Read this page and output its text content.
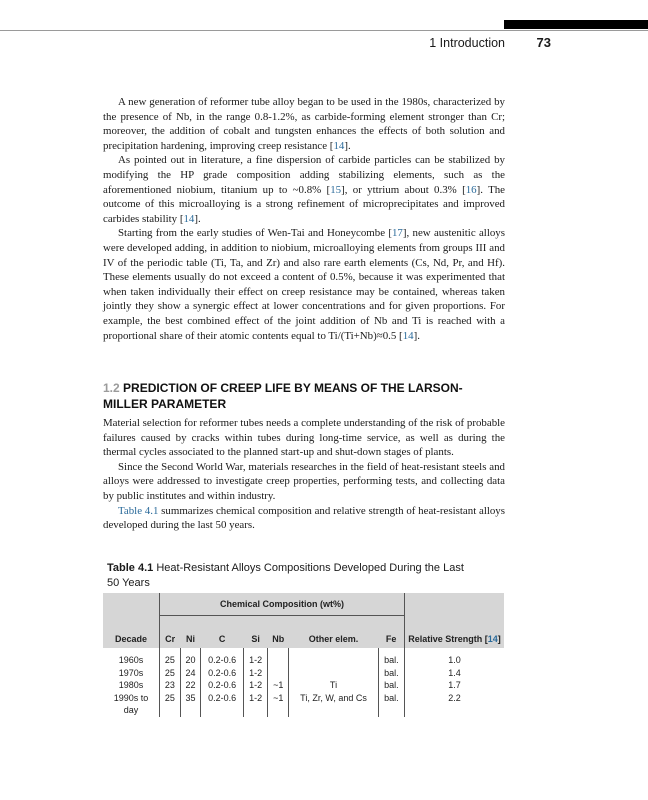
1 Introduction 73

A new generation of reformer tube alloy began to be used in the 1980s, characterized by the presence of Nb, in the range 0.8-1.2%, as carbide-forming element stronger than Cr; moreover, the addition of cobalt and tungsten enhances the effects of both solution and precipitation hardening, improving creep resistance [14].

As pointed out in literature, a fine dispersion of carbide particles can be stabilized by modifying the HP grade composition adding stabilizing elements, such as the aforementioned niobium, titanium up to ~0.8% [15], or yttrium about 0.3% [16]. The outcome of this microalloying is a strong refinement of microprecipitates and improved carbides stability [14].

Starting from the early studies of Wen-Tai and Honeycombe [17], new austenitic alloys were developed adding, in addition to niobium, microalloying elements from groups III and IV of the periodic table (Ti, Ta, and Zr) and also rare earth elements (Cs, Nd, Pr, and Hf). These elements usually do not exceed a content of 0.5%, because it was experimented that when taken individually their effect on creep resistance may be contained, whereas taken jointly they show a synergic effect at lower concentrations and for given proportions. For example, the best combined effect of the joint addition of Nb and Ti is reached with a proportional share of their atomic contents equal to Ti/(Ti+Nb)≈0.5 [14].

1.2 PREDICTION OF CREEP LIFE BY MEANS OF THE LARSON-MILLER PARAMETER

Material selection for reformer tubes needs a complete understanding of the risk of probable failures caused by cracks within tubes during long-time service, as well as during the thermal cycles associated to the planned start-up and shut-down stages of plants.

Since the Second World War, materials researches in the field of heat-resistant steels and alloys were addressed to investigate creep properties, performing tests, and collecting data by public institutes and within industry.

Table 4.1 summarizes chemical composition and relative strength of heat-resistant alloys developed during the last 50 years.

Table 4.1 Heat-Resistant Alloys Compositions Developed During the Last 50 Years
	Chemical Composition (wt%)							
Decade	Cr	Ni	C	Si	Nb	Other elem.	Fe	Relative Strength [14]
1960s	25	20	0.2-0.6	1-2			bal.	1.0
1970s	25	24	0.2-0.6	1-2			bal.	1.4
1980s	23	22	0.2-0.6	1-2	~1	Ti	bal.	1.7
1990s to day	25	35	0.2-0.6	1-2	~1	Ti, Zr, W, and Cs	bal.	2.2
